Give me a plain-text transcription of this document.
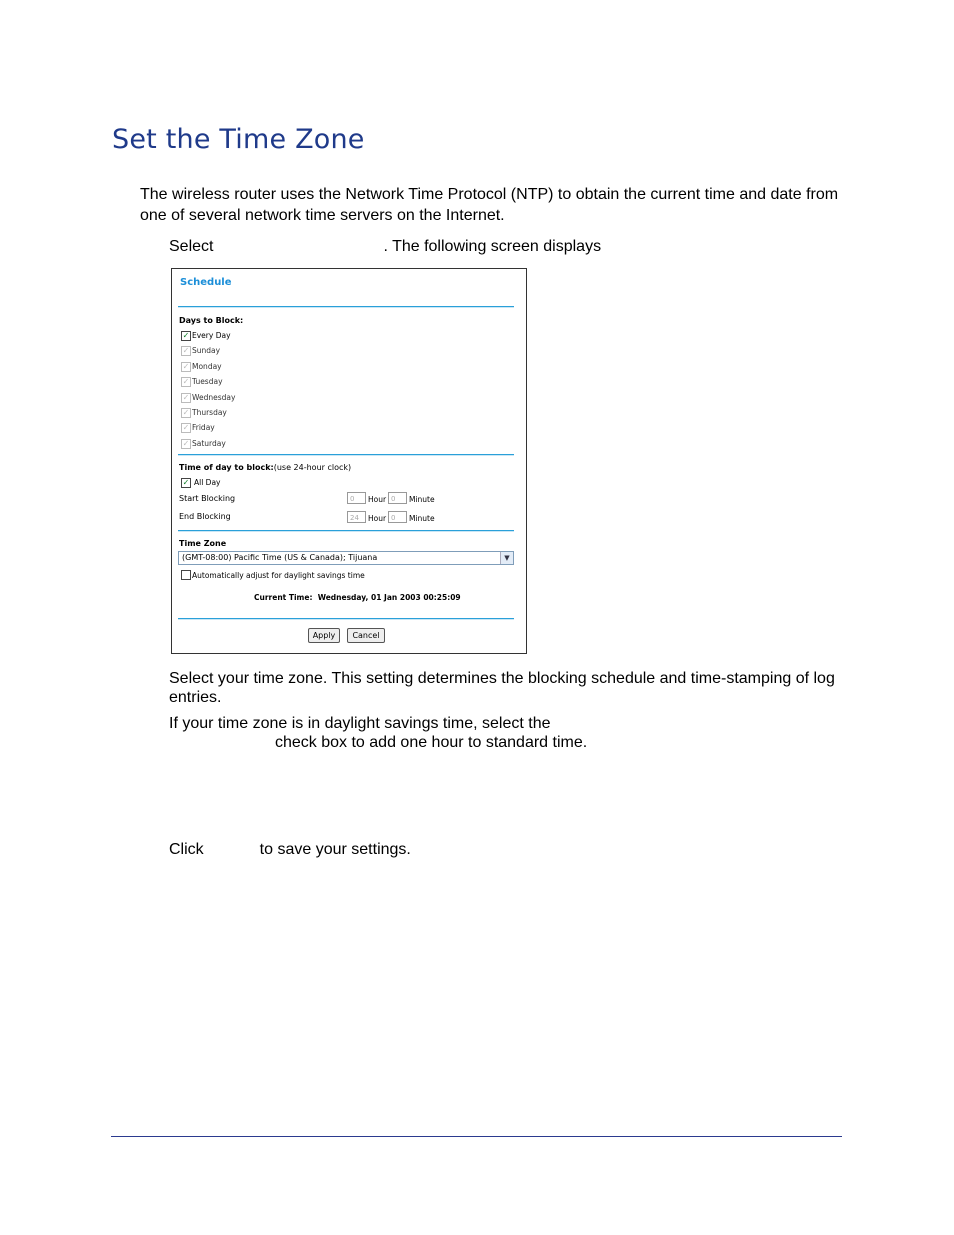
Set the Time Zone
The wireless router uses the Network Time Protocol (NTP) to obtain the current time and date from one of several network time servers on the Internet.
Select	. The following screen displays
Schedule
Days to Block:
✓ Every Day
✓ Sunday
✓ Monday
✓ Tuesday
✓ Wednesday
✓ Thursday
✓ Friday
✓ Saturday
Time of day to block:(use 24-hour clock)
✓ All Day
Start Blocking	0	Hour 0	Minute
End Blocking	24	Hour 0	Minute
Time Zone
(GMT-08:00) Pacific Time (US & Canada); Tijuana	▼
Automatically adjust for daylight savings time
Current Time: Wednesday, 01 Jan 2003 00:25:09
Apply	Cancel
Select your time zone. This setting determines the blocking schedule and time-stamping of log entries.
If your time zone is in daylight savings time, select the
check box to add one hour to standard time.
Click	to save your settings.
